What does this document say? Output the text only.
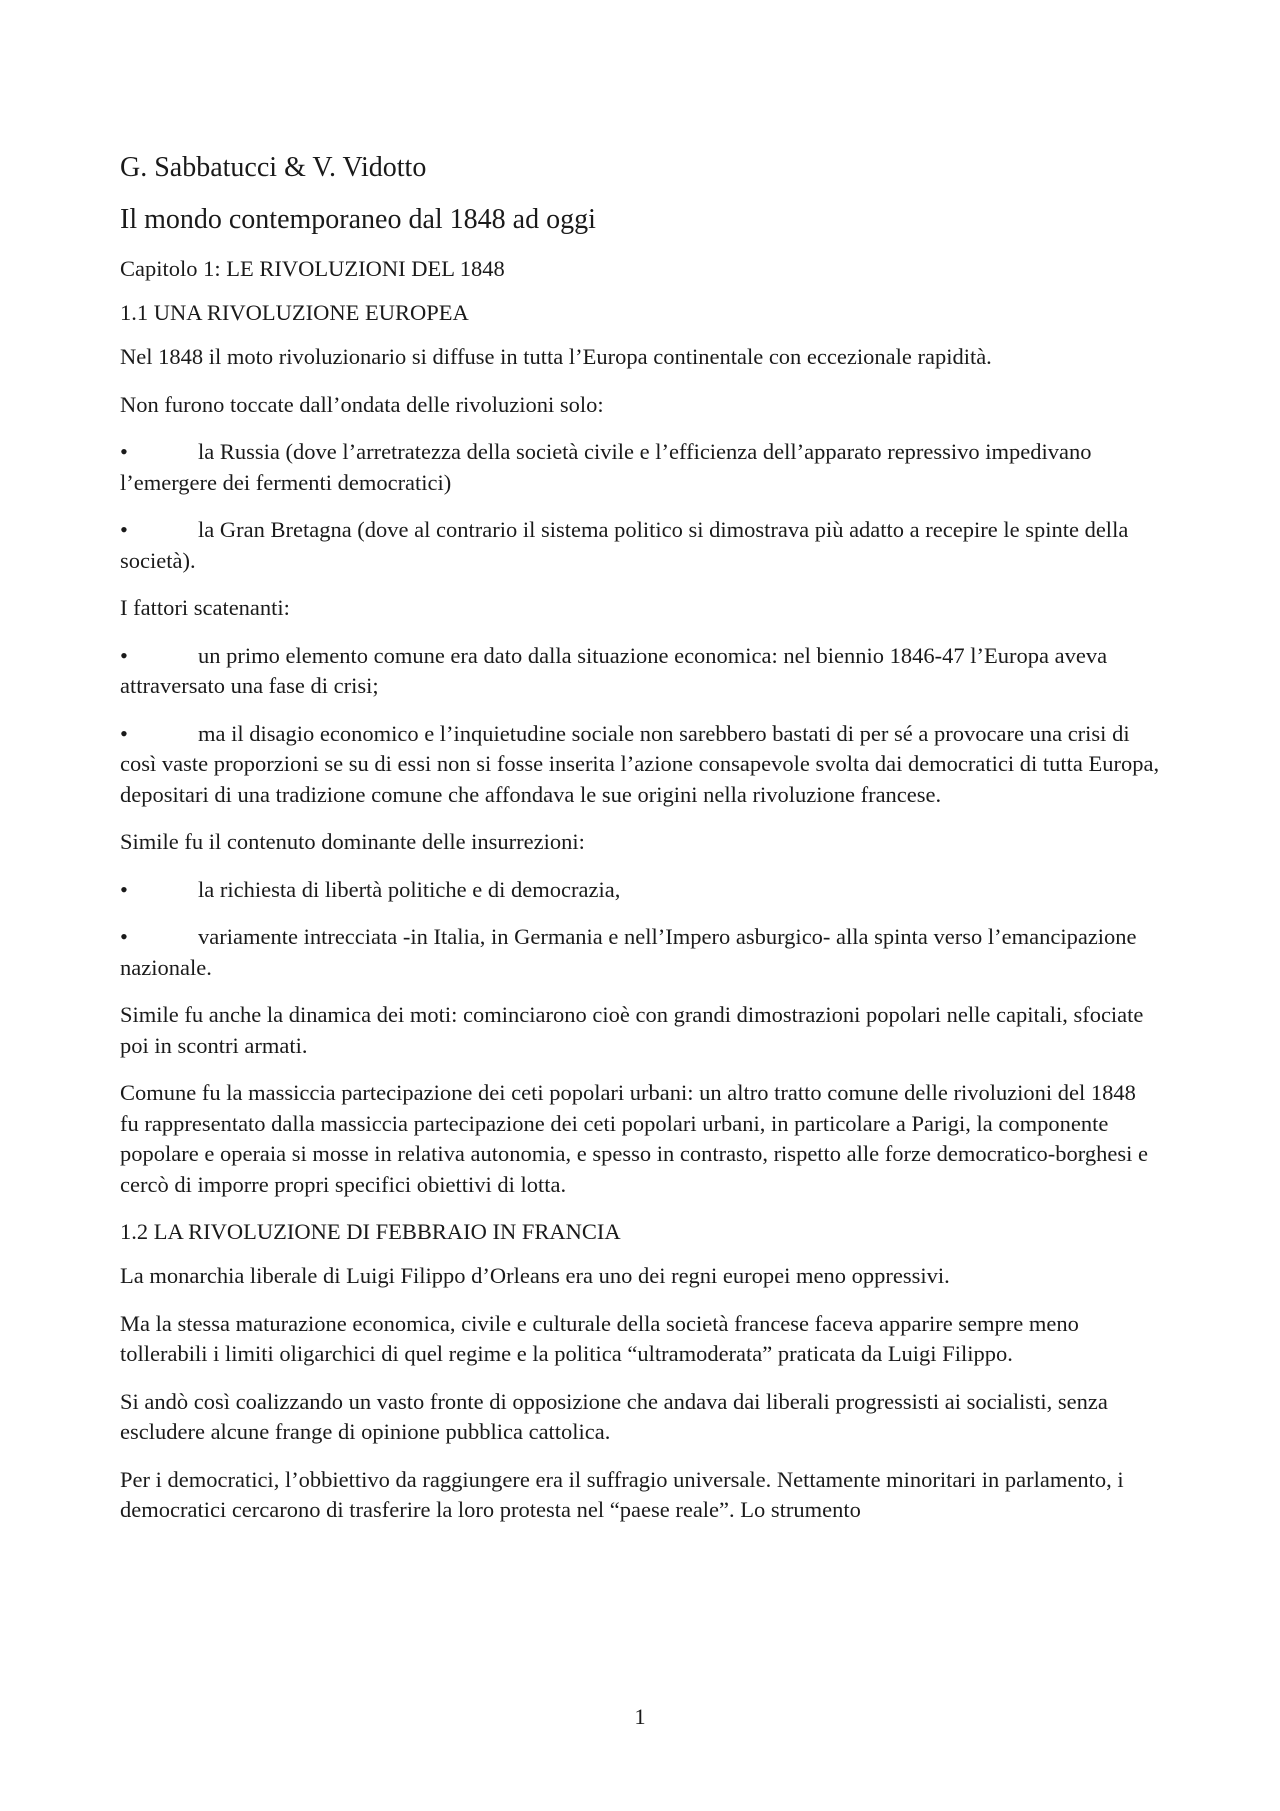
G. Sabbatucci & V. Vidotto
Il mondo contemporaneo dal 1848 ad oggi
Capitolo 1: LE RIVOLUZIONI DEL 1848
1.1 UNA RIVOLUZIONE EUROPEA

Nel 1848 il moto rivoluzionario si diffuse in tutta l’Europa continentale con eccezionale rapidità.

Non furono toccate dall’ondata delle rivoluzioni solo:

•	la Russia (dove l’arretratezza della società civile e l’efficienza dell’apparato repressivo impedivano l’emergere dei fermenti democratici)
•	la Gran Bretagna (dove al contrario il sistema politico si dimostrava più adatto a recepire le spinte della società).

I fattori scatenanti:

•	un primo elemento comune era dato dalla situazione economica: nel biennio 1846-47 l’Europa aveva attraversato una fase di crisi;
•	ma il disagio economico e l’inquietudine sociale non sarebbero bastati di per sé a provocare una crisi di così vaste proporzioni se su di essi non si fosse inserita l’azione consapevole svolta dai democratici di tutta Europa, depositari di una tradizione comune che affondava le sue origini nella rivoluzione francese.

Simile fu il contenuto dominante delle insurrezioni:

•	la richiesta di libertà politiche e di democrazia,
•	variamente intrecciata -in Italia, in Germania e nell’Impero asburgico- alla spinta verso l’emancipazione nazionale.

Simile fu anche la dinamica dei moti: cominciarono cioè con grandi dimostrazioni popolari nelle capitali, sfociate poi in scontri armati.

Comune fu la massiccia partecipazione dei ceti popolari urbani: un altro tratto comune delle rivoluzioni del 1848 fu rappresentato dalla massiccia partecipazione dei ceti popolari urbani, in particolare a Parigi, la componente popolare e operaia si mosse in relativa autonomia, e spesso in contrasto, rispetto alle forze democratico-borghesi e cercò di imporre propri specifici obiettivi di lotta.

1.2 LA RIVOLUZIONE DI FEBBRAIO IN FRANCIA

La monarchia liberale di Luigi Filippo d’Orleans era uno dei regni europei meno oppressivi.

Ma la stessa maturazione economica, civile e culturale della società francese faceva apparire sempre meno tollerabili i limiti oligarchici di quel regime e la politica “ultramoderata” praticata da Luigi Filippo.

Si andò così coalizzando un vasto fronte di opposizione che andava dai liberali progressisti ai socialisti, senza escludere alcune frange di opinione pubblica cattolica.

Per i democratici, l’obbiettivo da raggiungere era il suffragio universale. Nettamente minoritari in parlamento, i democratici cercarono di trasferire la loro protesta nel “paese reale”. Lo strumento

1
